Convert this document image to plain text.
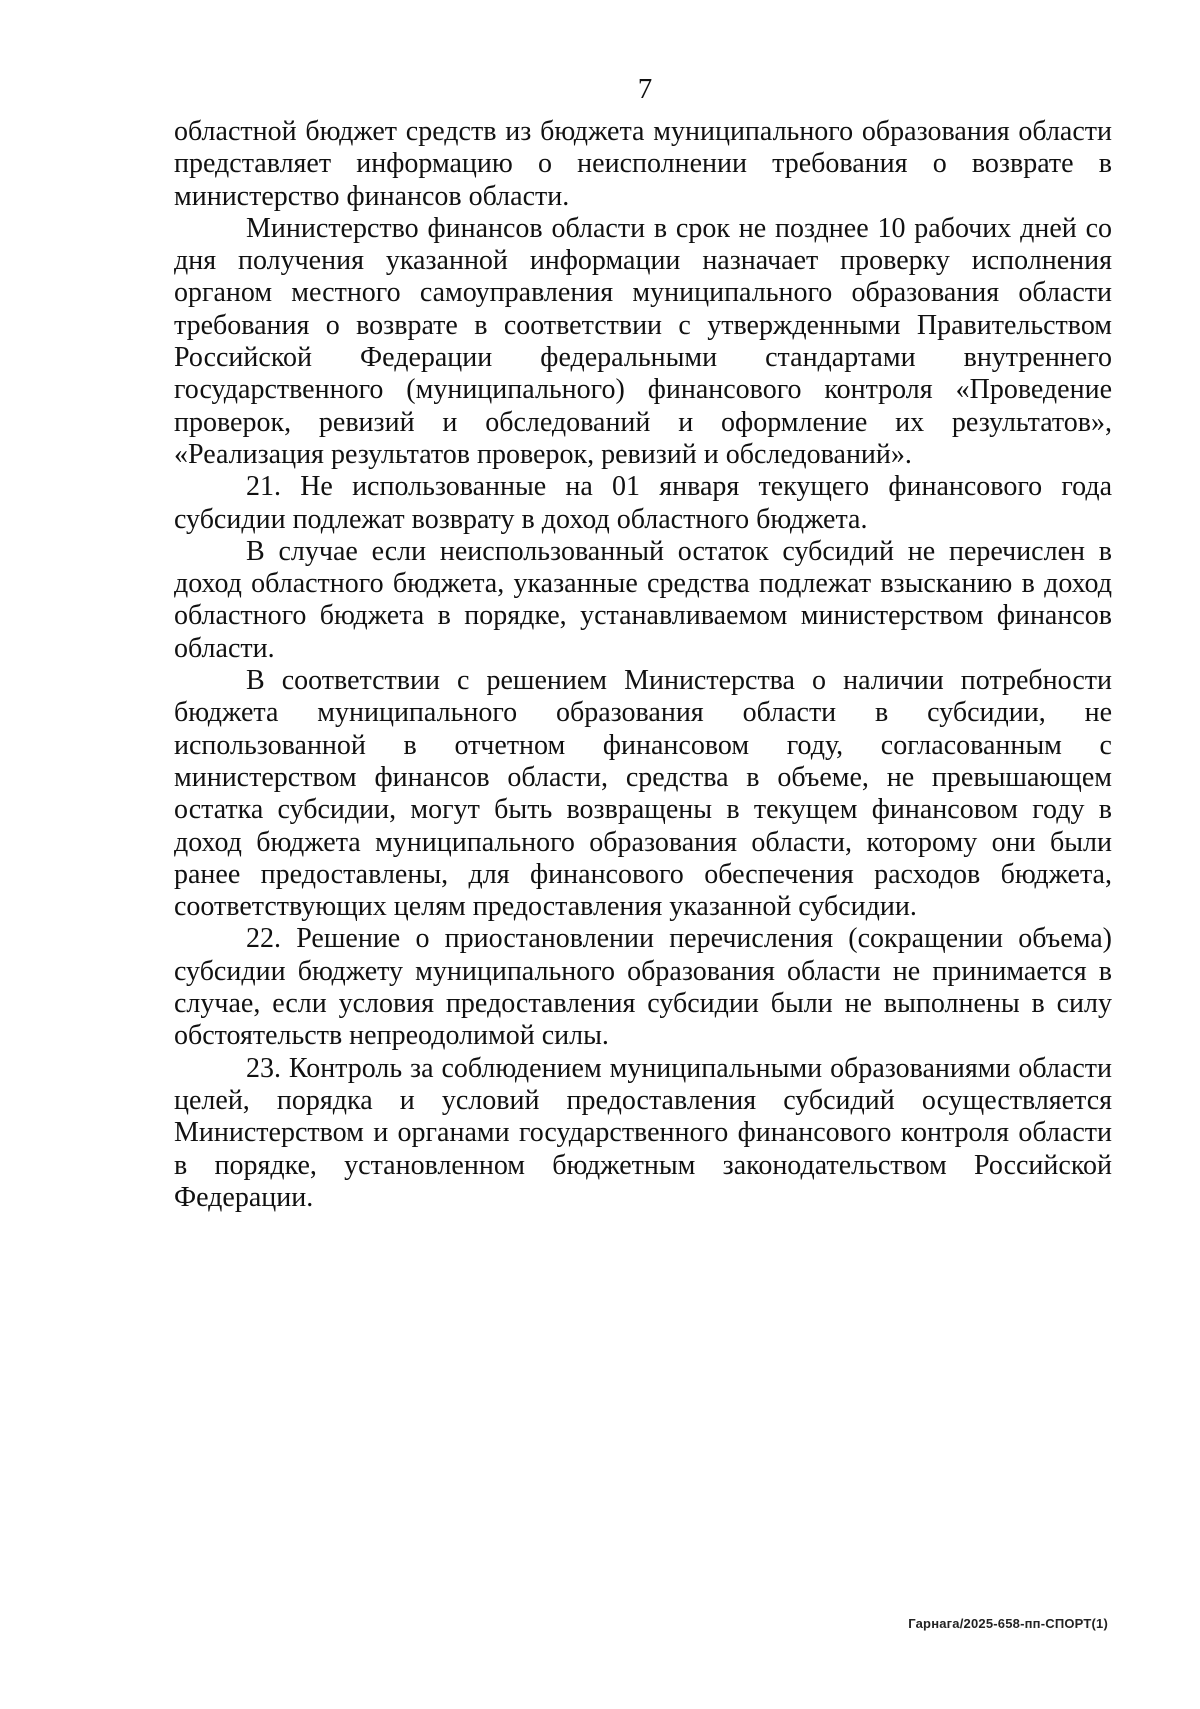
7

областной бюджет средств из бюджета муниципального образования области представляет информацию о неисполнении требования о возврате в министерство финансов области.

Министерство финансов области в срок не позднее 10 рабочих дней со дня получения указанной информации назначает проверку исполнения органом местного самоуправления муниципального образования области требования о возврате в соответствии с утвержденными Правительством Российской Федерации федеральными стандартами внутреннего государственного (муниципального) финансового контроля «Проведение проверок, ревизий и обследований и оформление их результатов», «Реализация результатов проверок, ревизий и обследований».

21. Не использованные на 01 января текущего финансового года субсидии подлежат возврату в доход областного бюджета.

В случае если неиспользованный остаток субсидий не перечислен в доход областного бюджета, указанные средства подлежат взысканию в доход областного бюджета в порядке, устанавливаемом министерством финансов области.

В соответствии с решением Министерства о наличии потребности бюджета муниципального образования области в субсидии, не использованной в отчетном финансовом году, согласованным с министерством финансов области, средства в объеме, не превышающем остатка субсидии, могут быть возвращены в текущем финансовом году в доход бюджета муниципального образования области, которому они были ранее предоставлены, для финансового обеспечения расходов бюджета, соответствующих целям предоставления указанной субсидии.

22. Решение о приостановлении перечисления (сокращении объема) субсидии бюджету муниципального образования области не принимается в случае, если условия предоставления субсидии были не выполнены в силу обстоятельств непреодолимой силы.

23. Контроль за соблюдением муниципальными образованиями области целей, порядка и условий предоставления субсидий осуществляется Министерством и органами государственного финансового контроля области в порядке, установленном бюджетным законодательством Российской Федерации.

Гарнага/2025-658-пп-СПОРТ(1)
